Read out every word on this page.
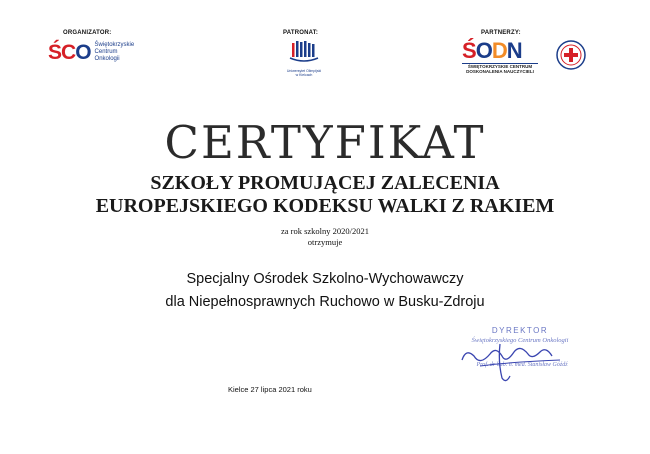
ORGANIZATOR:	PATRONAT:	PARTNERZY:
ŚCO Świętokrzyskie
Centrum
Onkologii
Uniwersytet Olimpijski
w Kielcach
ŚODN
ŚWIĘTOKRZYSKIE CENTRUM
DOSKONALENIA NAUCZYCIELI
CERTYFIKAT
SZKOŁY PROMUJĄCEJ ZALECENIA
EUROPEJSKIEGO KODEKSU WALKI Z RAKIEM
za rok szkolny 2020/2021
otrzymuje
Specjalny Ośrodek Szkolno-Wychowawczy
dla Niepełnosprawnych Ruchowo w Busku-Zdroju
DYREKTOR
Świętokrzyskiego Centrum Onkologii
Prof. dr hab. n. med. Stanisław Góźdź
Kielce 27 lipca 2021 roku
